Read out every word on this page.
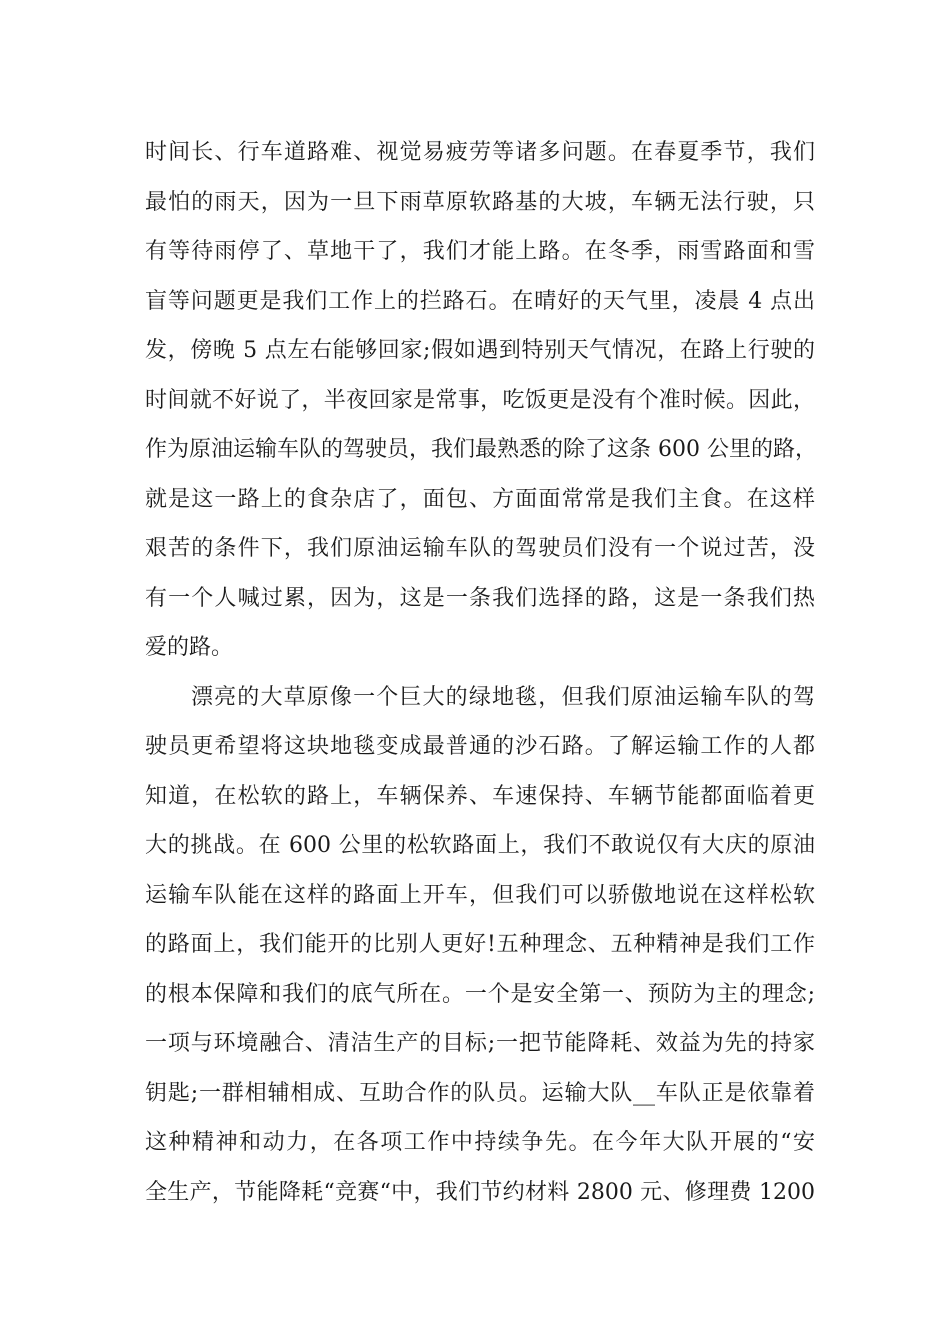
时间长、行车道路难、视觉易疲劳等诸多问题。在春夏季节，我们
最怕的雨天，因为一旦下雨草原软路基的大坡，车辆无法行驶，只
有等待雨停了、草地干了，我们才能上路。在冬季，雨雪路面和雪
盲等问题更是我们工作上的拦路石。在晴好的天气里，凌晨 4 点出
发，傍晚 5 点左右能够回家;假如遇到特别天气情况，在路上行驶的
时间就不好说了，半夜回家是常事，吃饭更是没有个准时候。因此，
作为原油运输车队的驾驶员，我们最熟悉的除了这条 600 公里的路，
就是这一路上的食杂店了，面包、方面面常常是我们主食。在这样
艰苦的条件下，我们原油运输车队的驾驶员们没有一个说过苦，没
有一个人喊过累，因为，这是一条我们选择的路，这是一条我们热
爱的路。
漂亮的大草原像一个巨大的绿地毯，但我们原油运输车队的驾
驶员更希望将这块地毯变成最普通的沙石路。了解运输工作的人都
知道，在松软的路上，车辆保养、车速保持、车辆节能都面临着更
大的挑战。在 600 公里的松软路面上，我们不敢说仅有大庆的原油
运输车队能在这样的路面上开车，但我们可以骄傲地说在这样松软
的路面上，我们能开的比别人更好!五种理念、五种精神是我们工作
的根本保障和我们的底气所在。一个是安全第一、预防为主的理念;
一项与环境融合、清洁生产的目标;一把节能降耗、效益为先的持家
钥匙;一群相辅相成、互助合作的队员。运输大队__车队正是依靠着
这种精神和动力，在各项工作中持续争先。在今年大队开展的“安
全生产，节能降耗“竞赛“中，我们节约材料 2800 元、修理费 1200
